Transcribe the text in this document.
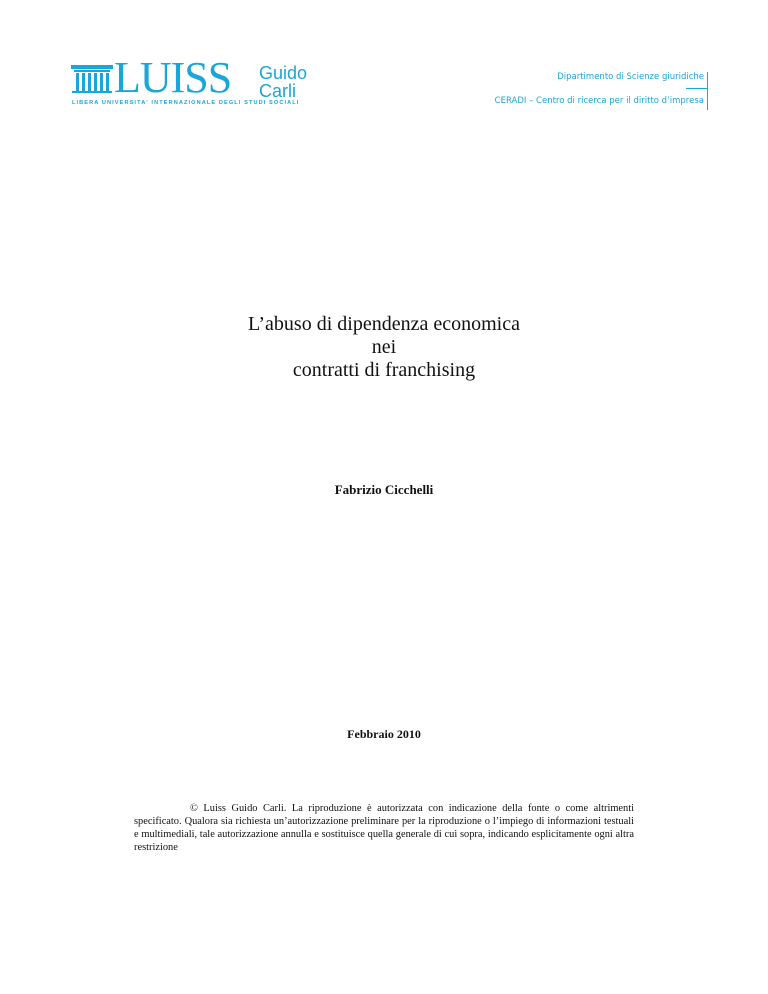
LUISS Guido
Carli
LIBERA UNIVERSITA' INTERNAZIONALE DEGLI STUDI SOCIALI
Dipartimento di Scienze giuridiche
CERADI – Centro di ricerca per il diritto d’impresa
L’abuso di dipendenza economica
nei
contratti di franchising
Fabrizio Cicchelli
Febbraio 2010
© Luiss Guido Carli. La riproduzione è autorizzata con indicazione della fonte o come altrimenti specificato. Qualora sia richiesta un’autorizzazione preliminare per la riproduzione o l’impiego di informazioni testuali e multimediali, tale autorizzazione annulla e sostituisce quella generale di cui sopra, indicando esplicitamente ogni altra restrizione
